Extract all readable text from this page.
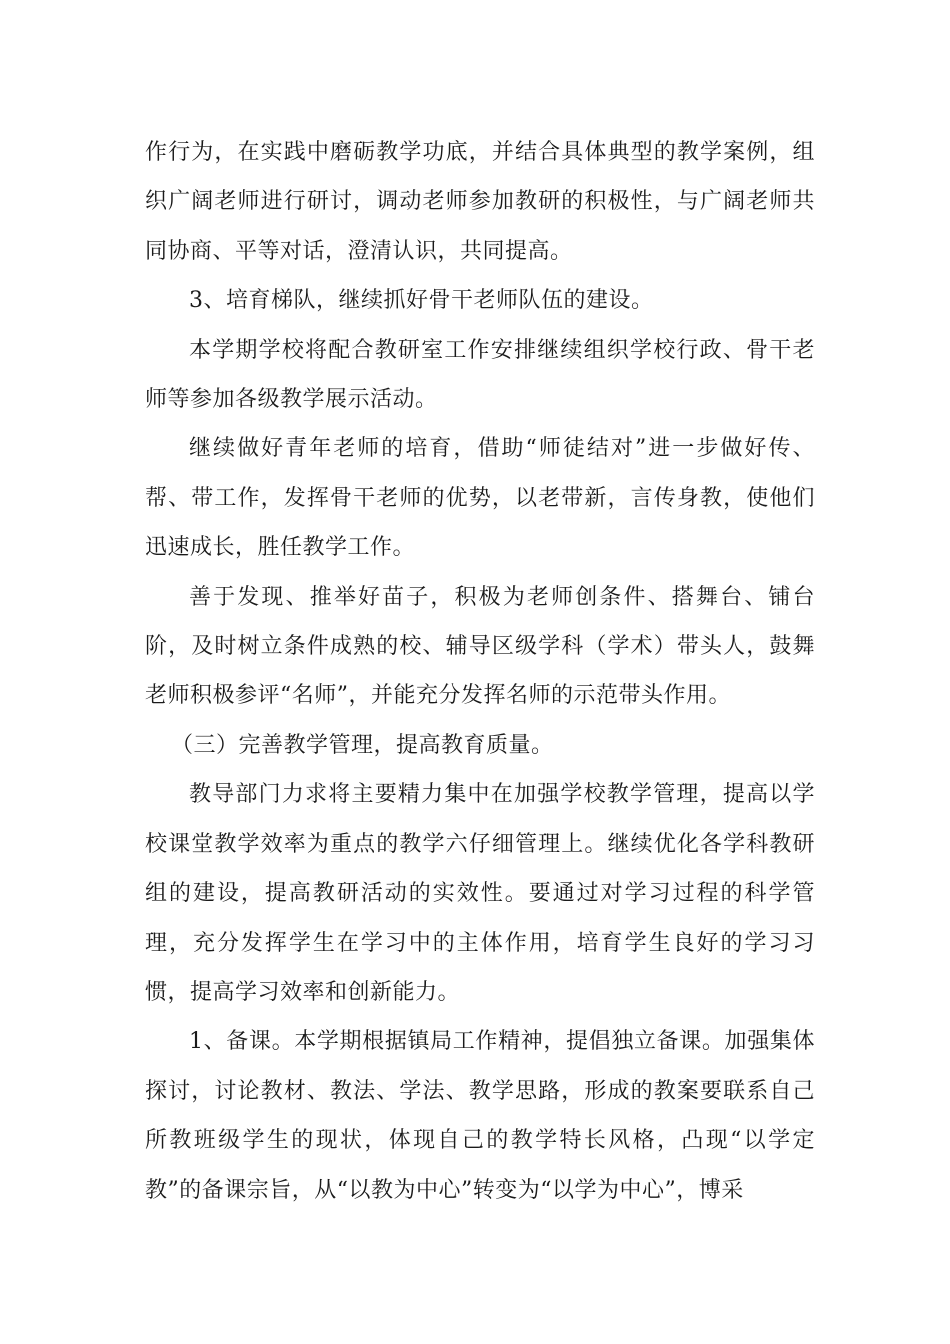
作行为，在实践中磨砺教学功底，并结合具体典型的教学案例，组织广阔老师进行研讨，调动老师参加教研的积极性，与广阔老师共同协商、平等对话，澄清认识，共同提高。

3、培育梯队，继续抓好骨干老师队伍的建设。

本学期学校将配合教研室工作安排继续组织学校行政、骨干老师等参加各级教学展示活动。

继续做好青年老师的培育，借助“师徒结对”进一步做好传、帮、带工作，发挥骨干老师的优势，以老带新，言传身教，使他们迅速成长，胜任教学工作。

善于发现、推举好苗子，积极为老师创条件、搭舞台、铺台阶，及时树立条件成熟的校、辅导区级学科（学术）带头人，鼓舞老师积极参评“名师”，并能充分发挥名师的示范带头作用。

（三）完善教学管理，提高教育质量。

教导部门力求将主要精力集中在加强学校教学管理，提高以学校课堂教学效率为重点的教学六仔细管理上。继续优化各学科教研组的建设，提高教研活动的实效性。要通过对学习过程的科学管理，充分发挥学生在学习中的主体作用，培育学生良好的学习习惯，提高学习效率和创新能力。

1、备课。本学期根据镇局工作精神，提倡独立备课。加强集体探讨，讨论教材、教法、学法、教学思路，形成的教案要联系自己所教班级学生的现状，体现自己的教学特长风格，凸现“以学定教”的备课宗旨，从“以教为中心”转变为“以学为中心”，博采
